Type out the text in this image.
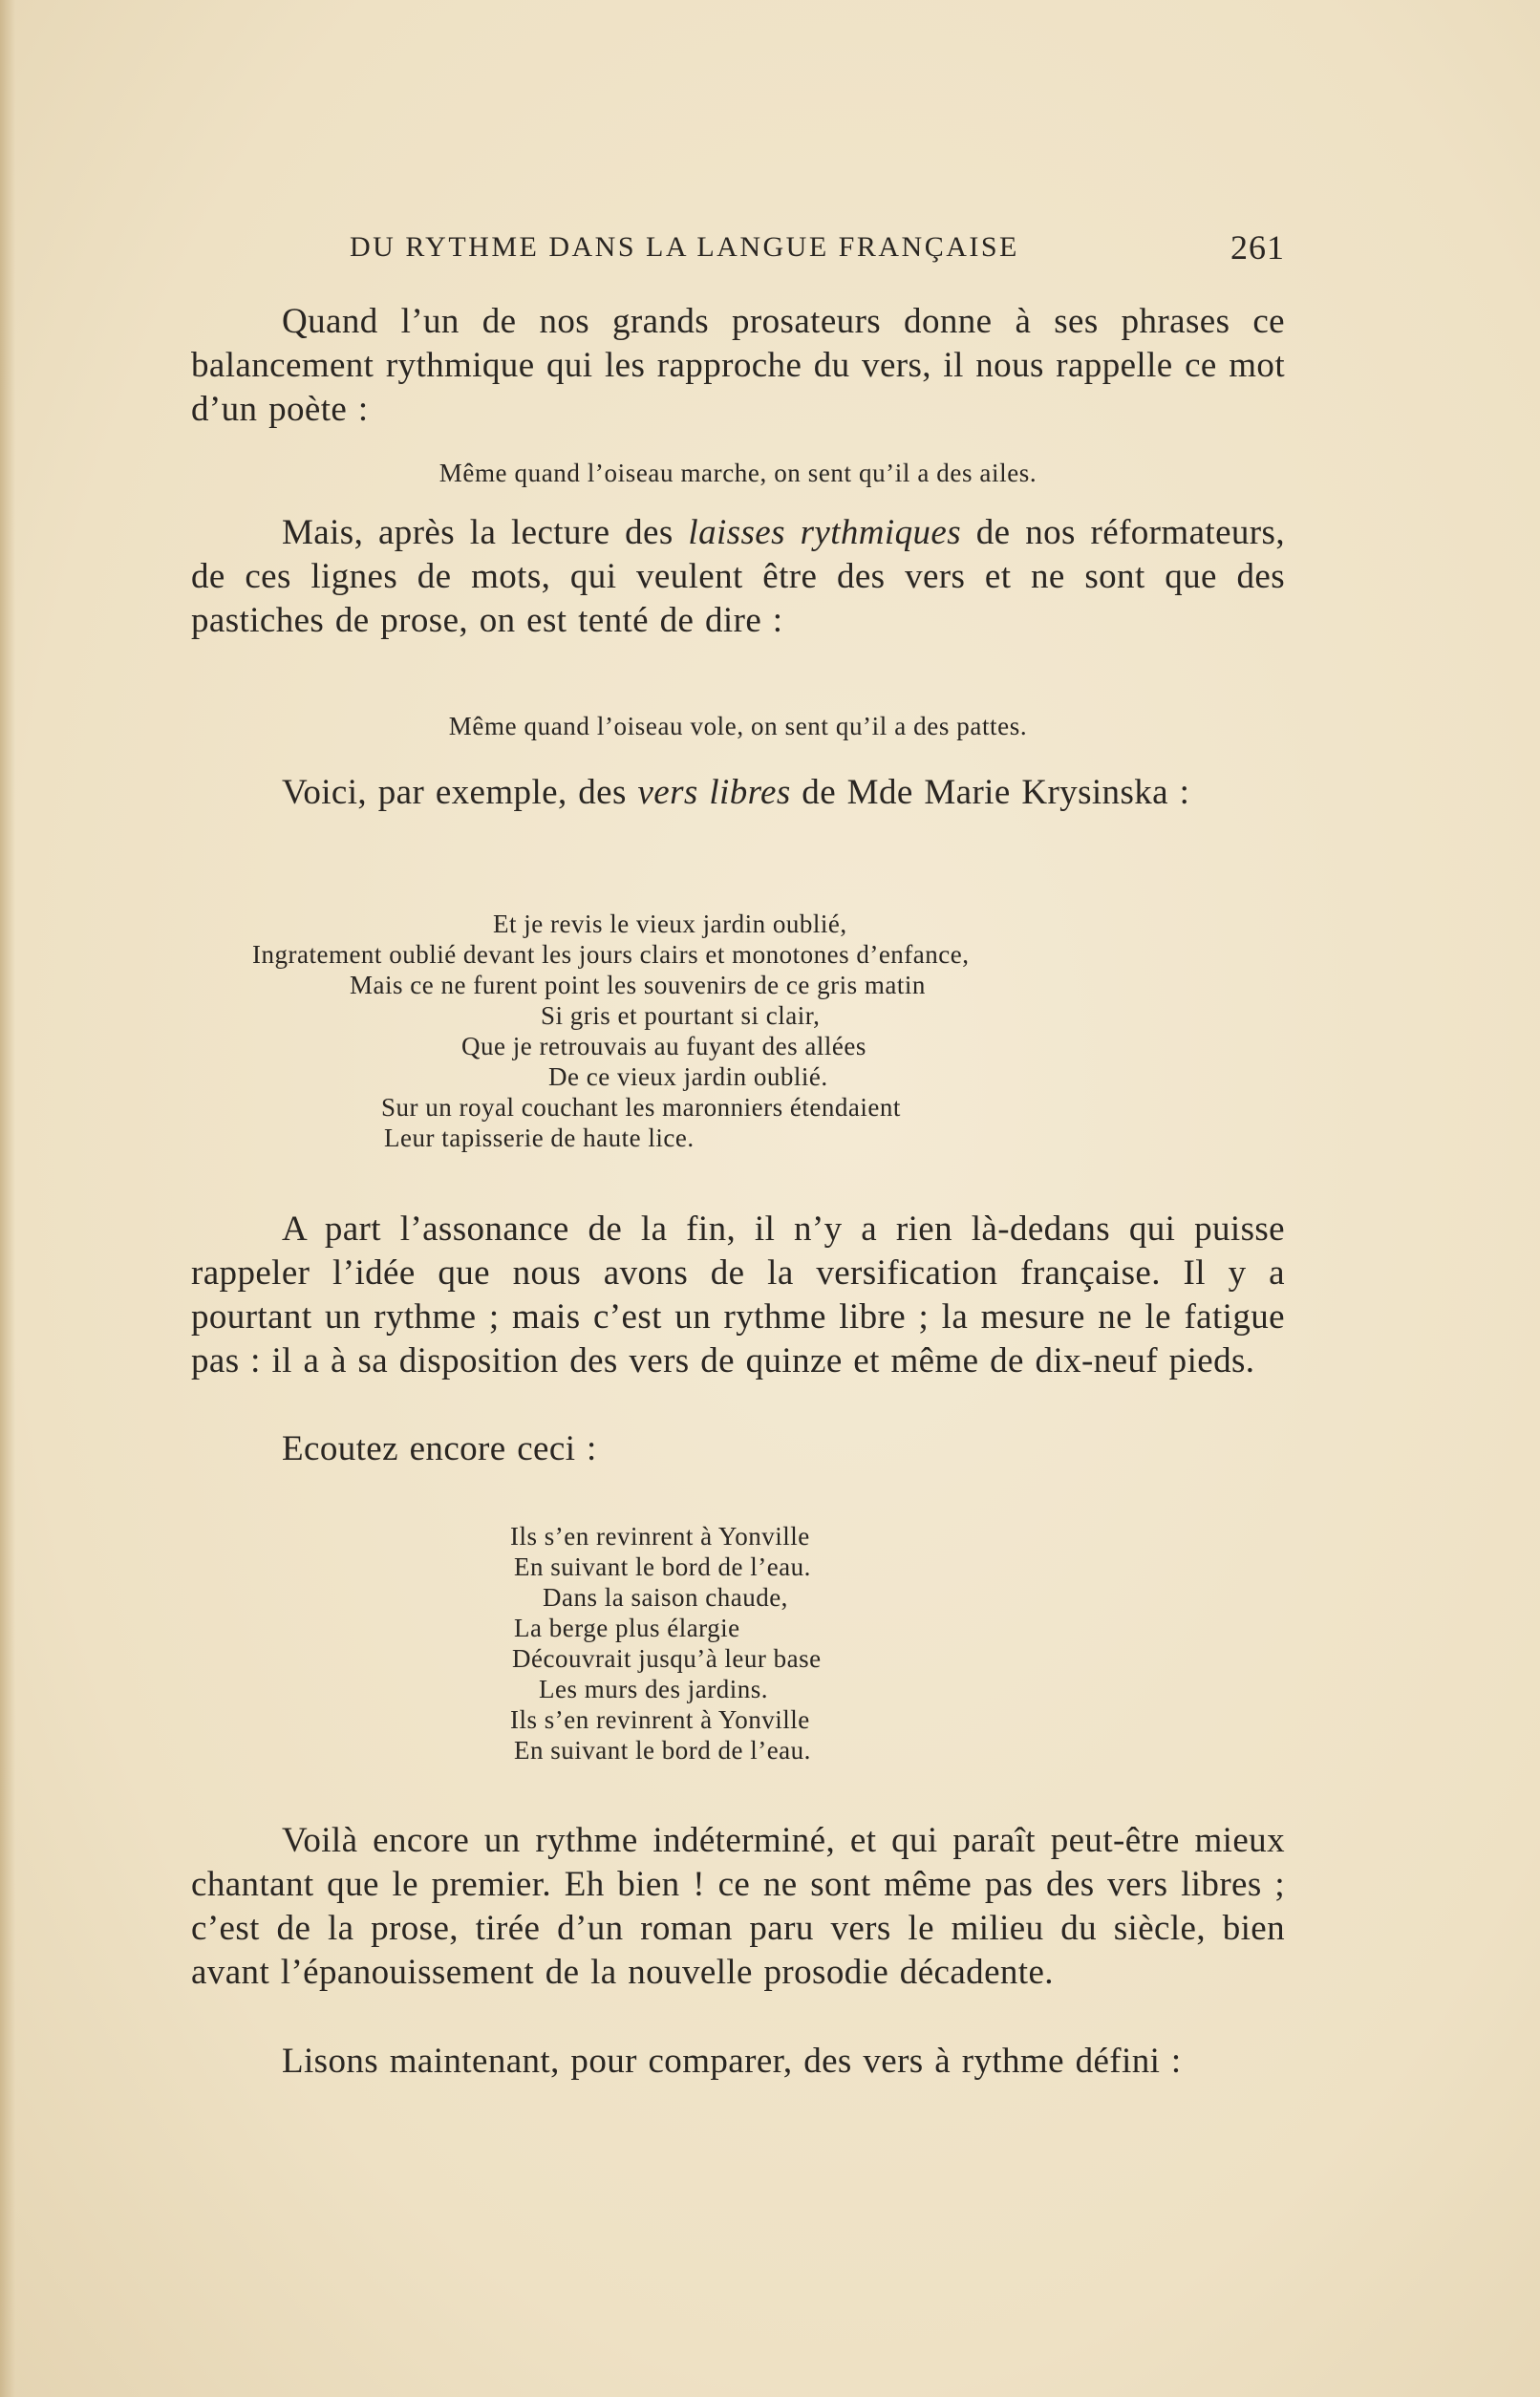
DU RYTHME DANS LA LANGUE FRANÇAISE	261

Quand l’un de nos grands prosateurs donne à ses phrases ce balancement rythmique qui les rapproche du vers, il nous rappelle ce mot d’un poète :

Même quand l’oiseau marche, on sent qu’il a des ailes.

Mais, après la lecture des laisses rythmiques de nos réformateurs, de ces lignes de mots, qui veulent être des vers et ne sont que des pastiches de prose, on est tenté de dire :

Même quand l’oiseau vole, on sent qu’il a des pattes.

Voici, par exemple, des vers libres de Mde Marie Krysinska :

Et je revis le vieux jardin oublié,
Ingratement oublié devant les jours clairs et monotones d’enfance,
Mais ce ne furent point les souvenirs de ce gris matin
Si gris et pourtant si clair,
Que je retrouvais au fuyant des allées
De ce vieux jardin oublié.
Sur un royal couchant les maronniers étendaient
Leur tapisserie de haute lice.

A part l’assonance de la fin, il n’y a rien là-dedans qui puisse rappeler l’idée que nous avons de la versification française. Il y a pourtant un rythme ; mais c’est un rythme libre ; la mesure ne le fatigue pas : il a à sa disposition des vers de quinze et même de dix-neuf pieds.

Ecoutez encore ceci :

Ils s’en revinrent à Yonville
En suivant le bord de l’eau.
Dans la saison chaude,
La berge plus élargie
Découvrait jusqu’à leur base
Les murs des jardins.
Ils s’en revinrent à Yonville
En suivant le bord de l’eau.

Voilà encore un rythme indéterminé, et qui paraît peut-être mieux chantant que le premier. Eh bien ! ce ne sont même pas des vers libres ; c’est de la prose, tirée d’un roman paru vers le milieu du siècle, bien avant l’épanouissement de la nouvelle prosodie décadente.

Lisons maintenant, pour comparer, des vers à rythme défini :
